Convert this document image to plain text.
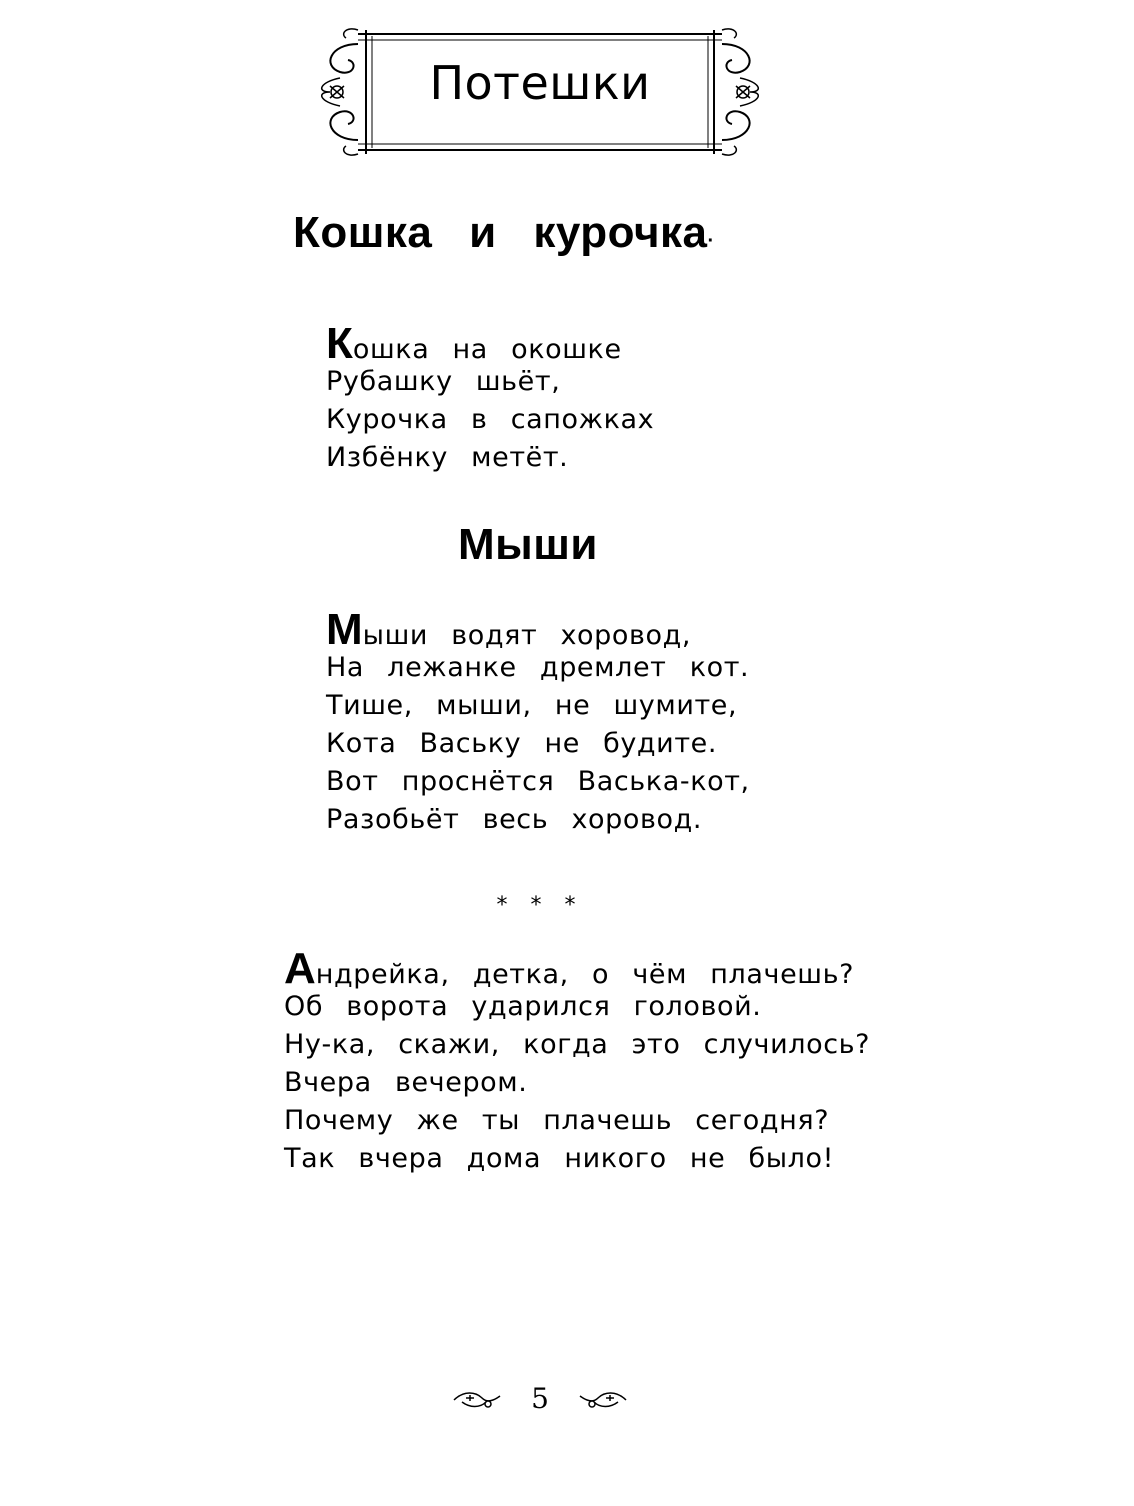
Потешки
Кошка и курочка·
Кошка на окошке
Рубашку шьёт,
Курочка в сапожках
Избёнку метёт.
Мыши
Мыши водят хоровод,
На лежанке дремлет кот.
Тише, мыши, не шумите,
Кота Ваську не будите.
Вот проснётся Васька-кот,
Разобьёт весь хоровод.
* * *
Андрейка, детка, о чём плачешь?
Об ворота ударился головой.
Ну-ка, скажи, когда это случилось?
Вчера вечером.
Почему же ты плачешь сегодня?
Так вчера дома никого не было!
5
